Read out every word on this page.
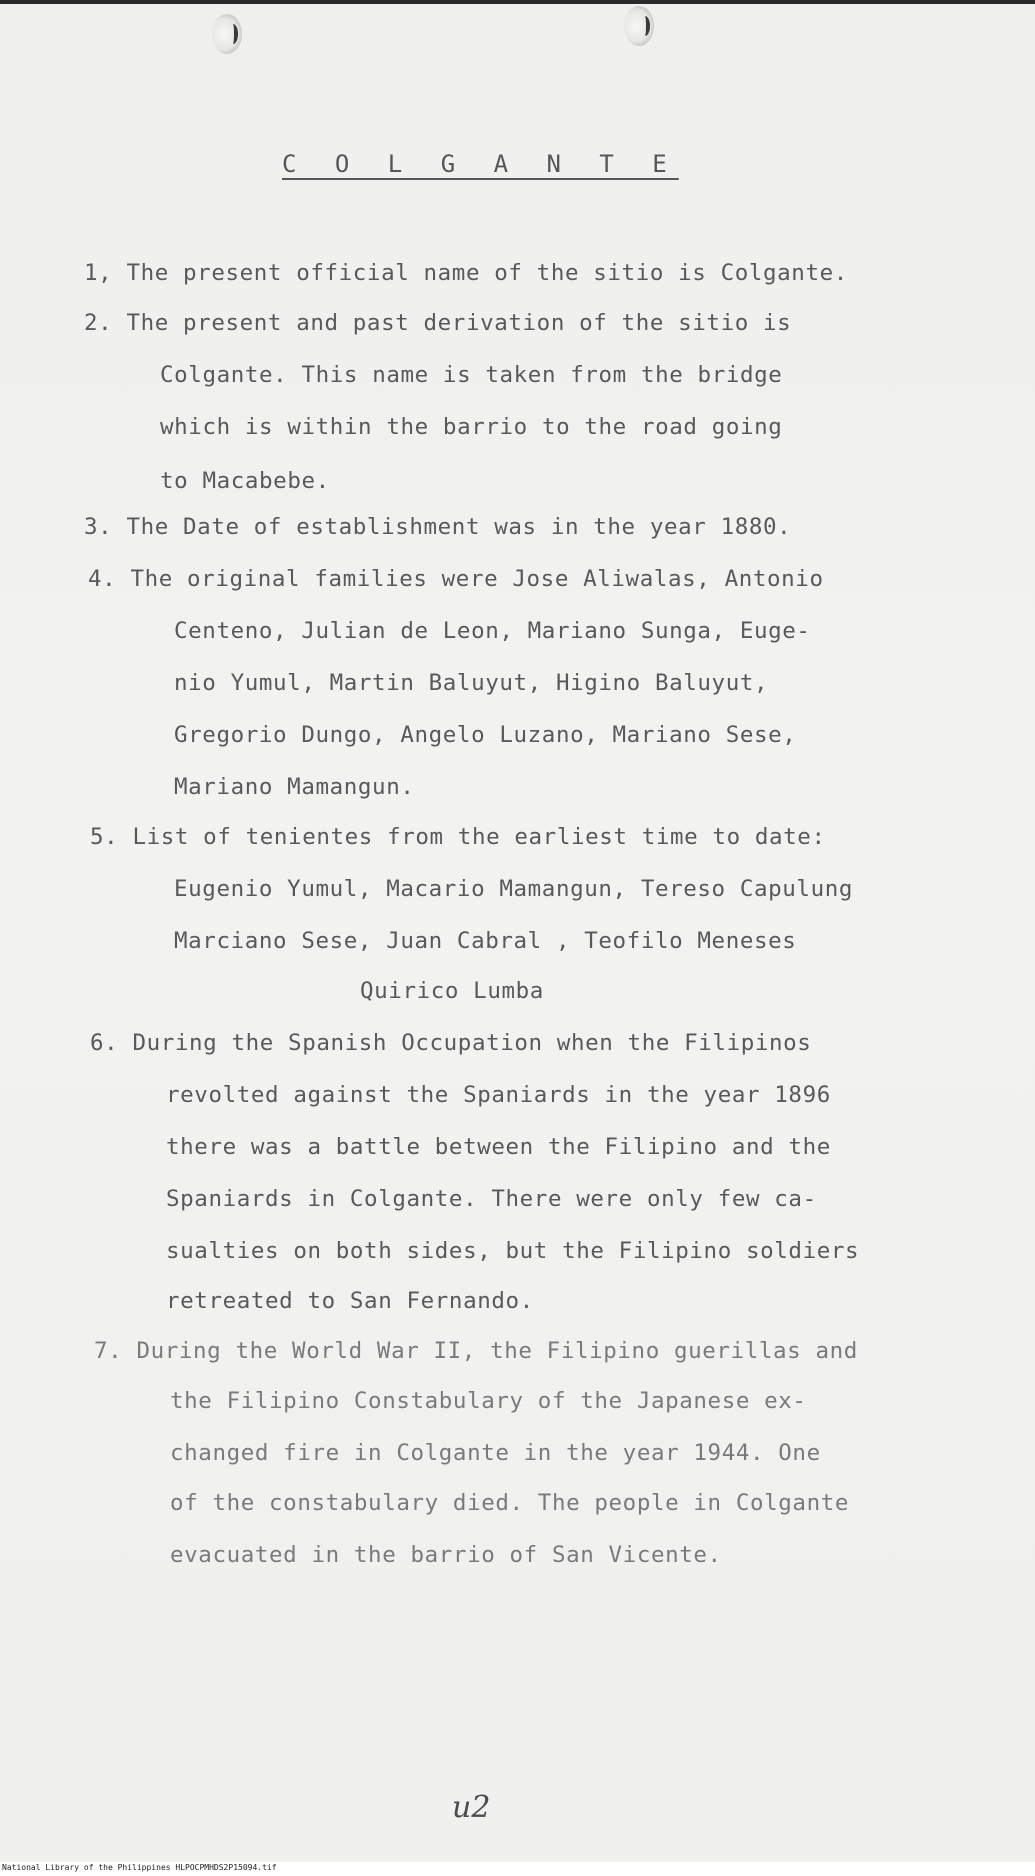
C O L G A N T E
1, The present official name of the sitio is Colgante.
2. The present and past derivation of the sitio is
Colgante. This name is taken from the bridge
which is within the barrio to the road going
to Macabebe.
3. The Date of establishment was in the year 1880.
4. The original families were Jose Aliwalas, Antonio
Centeno, Julian de Leon, Mariano Sunga, Euge-
nio Yumul, Martin Baluyut, Higino Baluyut,
Gregorio Dungo, Angelo Luzano, Mariano Sese,
Mariano Mamangun.
5. List of tenientes from the earliest time to date:
Eugenio Yumul, Macario Mamangun, Tereso Capulung
Marciano Sese, Juan Cabral , Teofilo Meneses
Quirico Lumba
6. During the Spanish Occupation when the Filipinos
revolted against the Spaniards in the year 1896
there was a battle between the Filipino and the
Spaniards in Colgante. There were only few ca-
sualties on both sides, but the Filipino soldiers
retreated to San Fernando.
7. During the World War II, the Filipino guerillas and
the Filipino Constabulary of the Japanese ex-
changed fire in Colgante in the year 1944. One
of the constabulary died. The people in Colgante
evacuated in the barrio of San Vicente.
u2
National Library of the Philippines HLPOCPMHDS2P15094.tif
